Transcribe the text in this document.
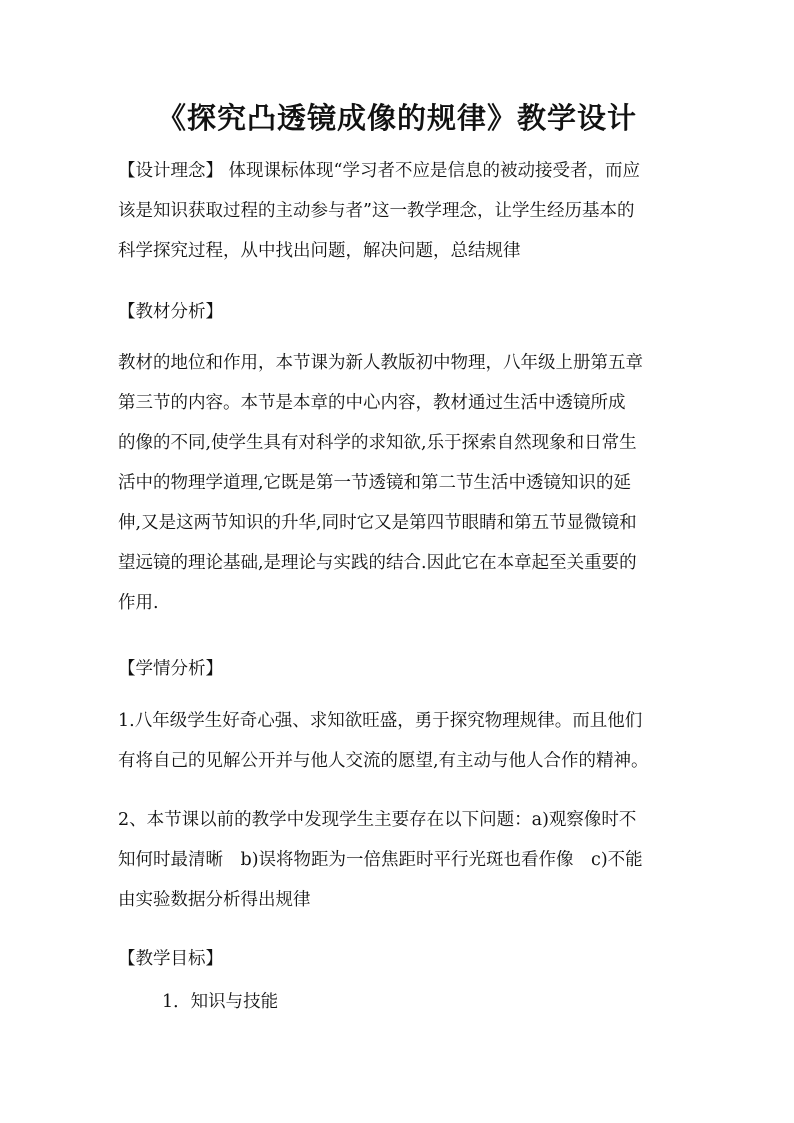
《探究凸透镜成像的规律》教学设计
【设计理念】 体现课标体现“学习者不应是信息的被动接受者，而应
该是知识获取过程的主动参与者”这一教学理念，让学生经历基本的
科学探究过程，从中找出问题，解决问题，总结规律
【教材分析】
教材的地位和作用，本节课为新人教版初中物理，八年级上册第五章
第三节的内容。本节是本章的中心内容，教材通过生活中透镜所成
的像的不同,使学生具有对科学的求知欲,乐于探索自然现象和日常生
活中的物理学道理,它既是第一节透镜和第二节生活中透镜知识的延
伸,又是这两节知识的升华,同时它又是第四节眼睛和第五节显微镜和
望远镜的理论基础,是理论与实践的结合.因此它在本章起至关重要的
作用.
【学情分析】
1.八年级学生好奇心强、求知欲旺盛，勇于探究物理规律。而且他们
有将自己的见解公开并与他人交流的愿望,有主动与他人合作的精神。
2、本节课以前的教学中发现学生主要存在以下问题：a)观察像时不
知何时最清晰　b)误将物距为一倍焦距时平行光斑也看作像　c)不能
由实验数据分析得出规律
【教学目标】
1．知识与技能
